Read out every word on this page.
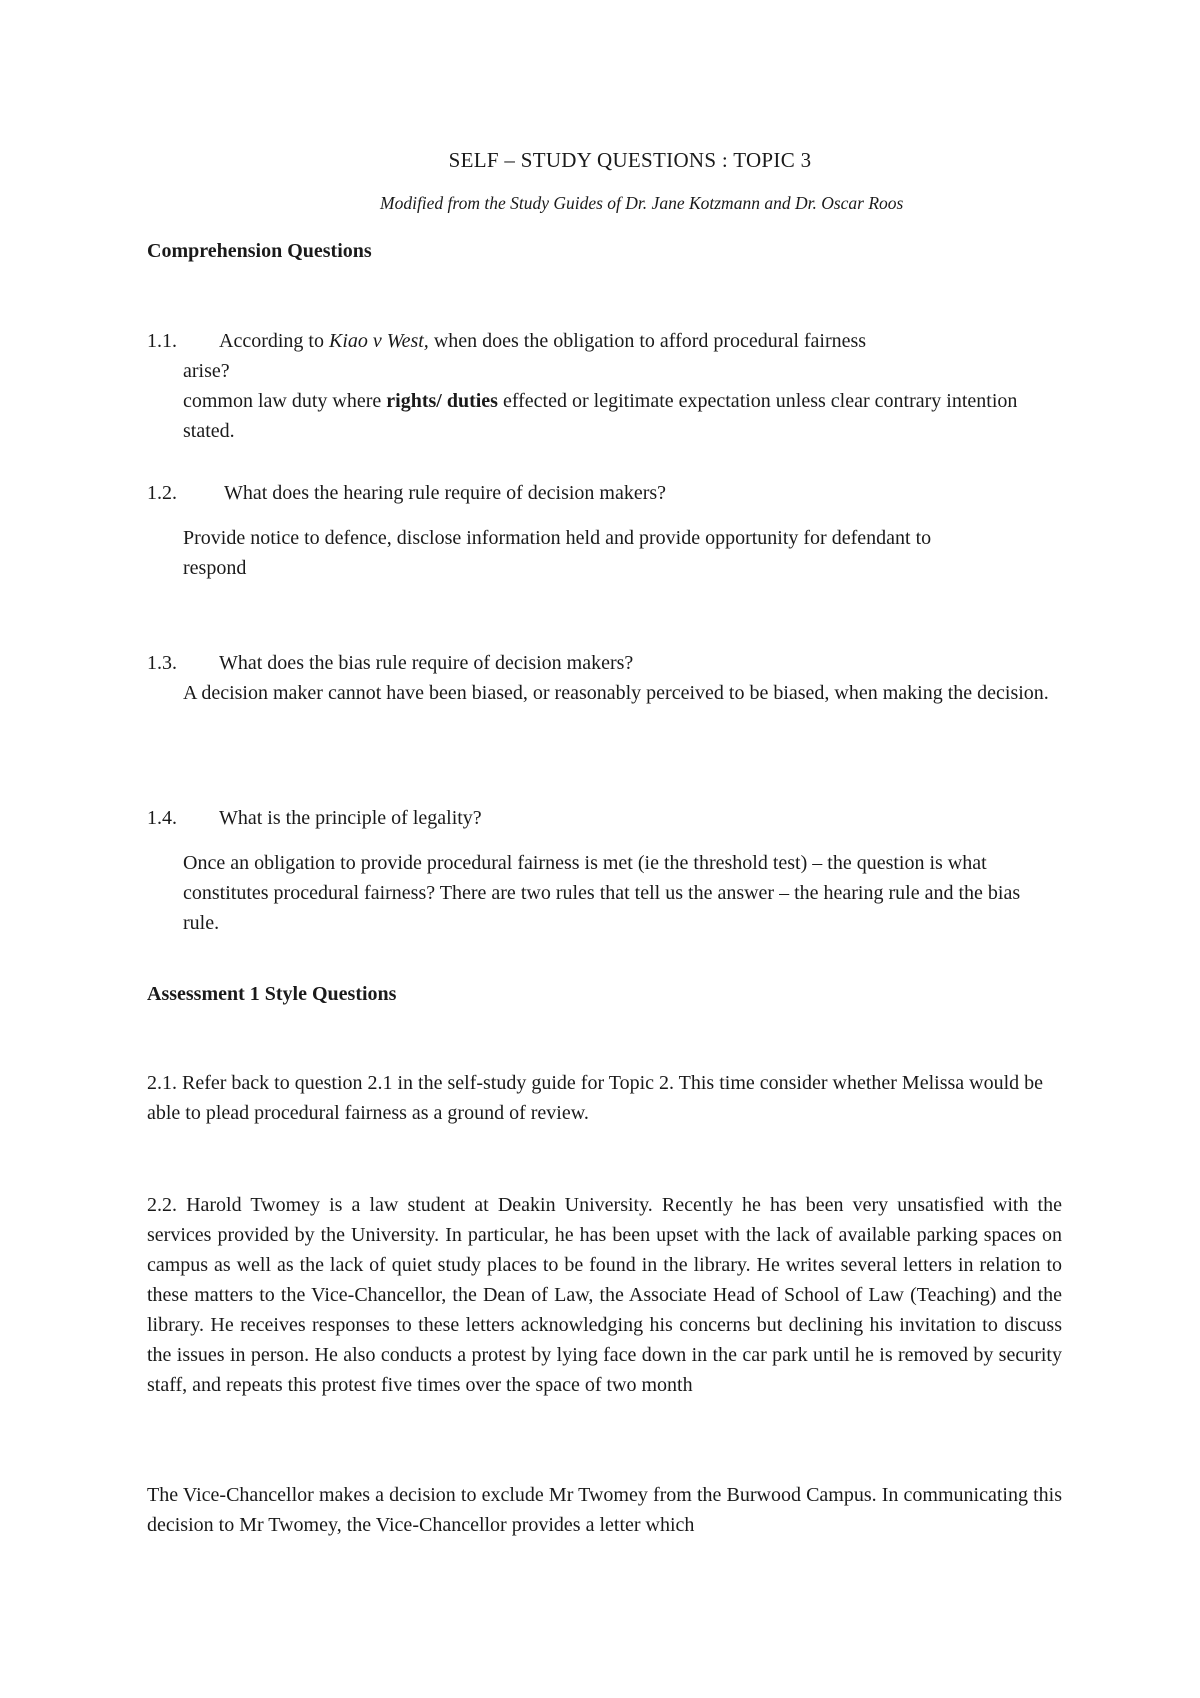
SELF – STUDY QUESTIONS : TOPIC 3
Modified from the Study Guides of Dr. Jane Kotzmann and Dr. Oscar Roos
Comprehension Questions
1.1. According to Kiao v West, when does the obligation to afford procedural fairness
arise?
common law duty where rights/ duties effected or legitimate expectation unless clear contrary intention stated.
1.2. What does the hearing rule require of decision makers?
Provide notice to defence, disclose information held and provide opportunity for defendant to respond
1.3. What does the bias rule require of decision makers?
A decision maker cannot have been biased, or reasonably perceived to be biased, when making the decision.
1.4. What is the principle of legality?
Once an obligation to provide procedural fairness is met (ie the threshold test) – the question is what constitutes procedural fairness? There are two rules that tell us the answer – the hearing rule and the bias rule.
Assessment 1 Style Questions
2.1. Refer back to question 2.1 in the self-study guide for Topic 2. This time consider whether Melissa would be able to plead procedural fairness as a ground of review.
2.2. Harold Twomey is a law student at Deakin University. Recently he has been very unsatisfied with the services provided by the University. In particular, he has been upset with the lack of available parking spaces on campus as well as the lack of quiet study places to be found in the library. He writes several letters in relation to these matters to the Vice-Chancellor, the Dean of Law, the Associate Head of School of Law (Teaching) and the library. He receives responses to these letters acknowledging his concerns but declining his invitation to discuss the issues in person. He also conducts a protest by lying face down in the car park until he is removed by security staff, and repeats this protest five times over the space of two month
The Vice-Chancellor makes a decision to exclude Mr Twomey from the Burwood Campus. In communicating this decision to Mr Twomey, the Vice-Chancellor provides a letter which
